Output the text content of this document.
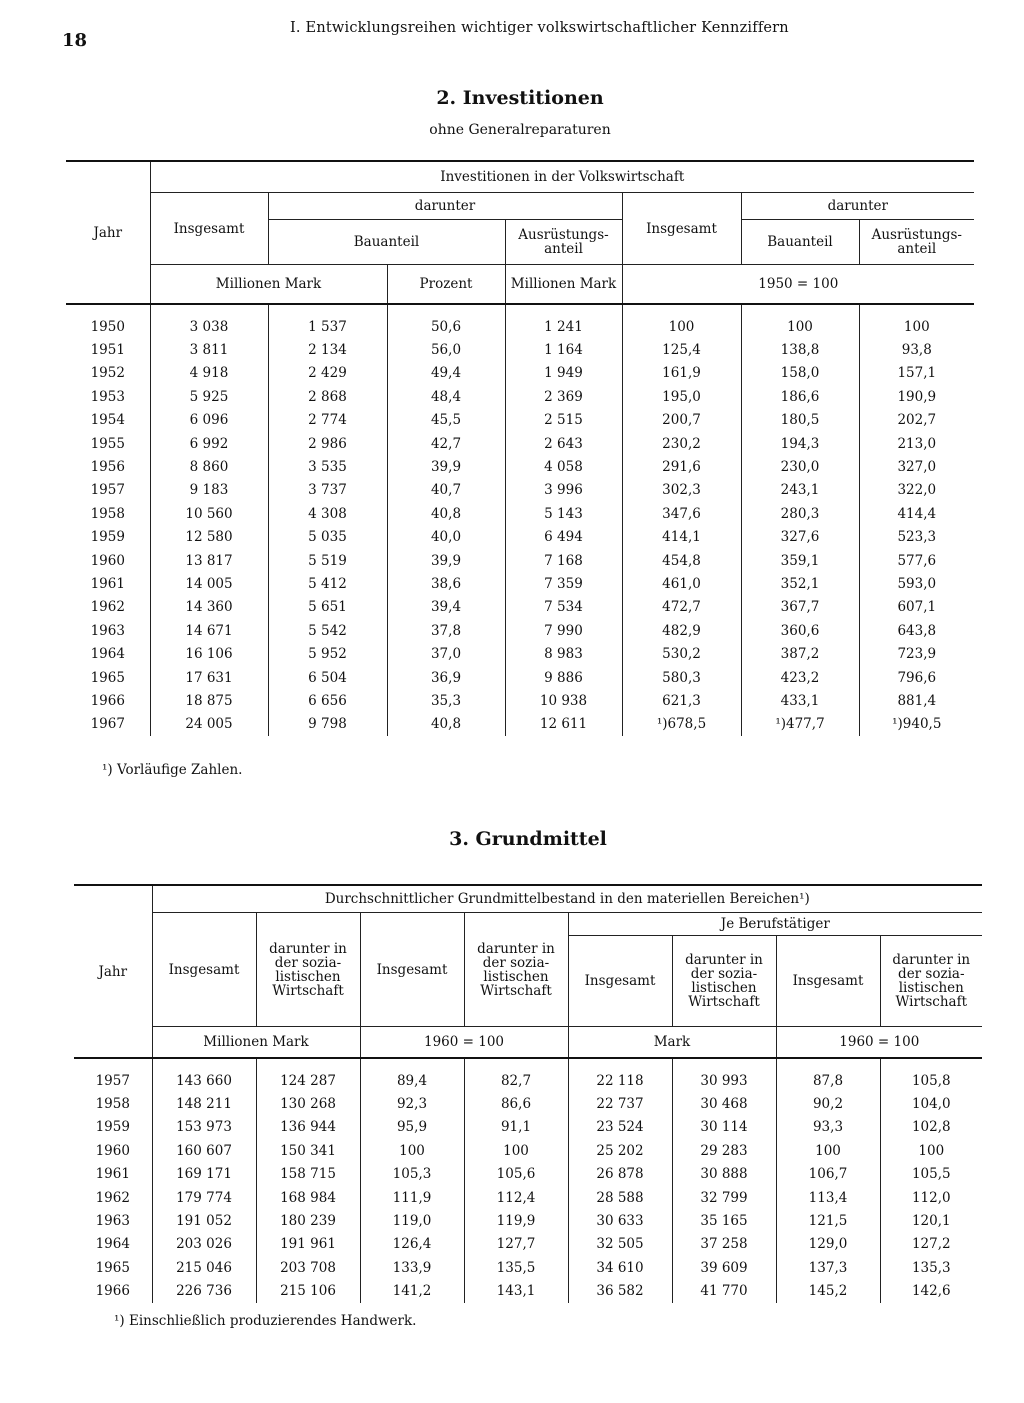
18
I. Entwicklungsreihen wichtiger volkswirtschaftlicher Kennziffern
2. Investitionen
ohne Generalreparaturen
Jahr	Investitionen in der Volkswirtschaft						
	Insgesamt	darunter			Insgesamt	darunter	
		Bauanteil		Ausrüstungs-anteil		Bauanteil	Ausrüstungs-anteil
	Millionen Mark		Prozent	Millionen Mark	1950 = 100		
1950	3 038	1 537	50,6	1 241	100	100	100
1951	3 811	2 134	56,0	1 164	125,4	138,8	93,8
1952	4 918	2 429	49,4	1 949	161,9	158,0	157,1
1953	5 925	2 868	48,4	2 369	195,0	186,6	190,9
1954	6 096	2 774	45,5	2 515	200,7	180,5	202,7
1955	6 992	2 986	42,7	2 643	230,2	194,3	213,0
1956	8 860	3 535	39,9	4 058	291,6	230,0	327,0
1957	9 183	3 737	40,7	3 996	302,3	243,1	322,0
1958	10 560	4 308	40,8	5 143	347,6	280,3	414,4
1959	12 580	5 035	40,0	6 494	414,1	327,6	523,3
1960	13 817	5 519	39,9	7 168	454,8	359,1	577,6
1961	14 005	5 412	38,6	7 359	461,0	352,1	593,0
1962	14 360	5 651	39,4	7 534	472,7	367,7	607,1
1963	14 671	5 542	37,8	7 990	482,9	360,6	643,8
1964	16 106	5 952	37,0	8 983	530,2	387,2	723,9
1965	17 631	6 504	36,9	9 886	580,3	423,2	796,6
1966	18 875	6 656	35,3	10 938	621,3	433,1	881,4
1967	24 005	9 798	40,8	12 611	¹)678,5	¹)477,7	¹)940,5
¹) Vorläufige Zahlen.
3. Grundmittel
Jahr	Durchschnittlicher Grundmittelbestand in den materiellen Bereichen¹)							
	Insgesamt	darunter in der sozia-listischen Wirtschaft	Insgesamt	darunter in der sozia-listischen Wirtschaft	Je Berufstätiger			
					Insgesamt	darunter in der sozia-listischen Wirtschaft	Insgesamt	darunter in der sozia-listischen Wirtschaft
	Millionen Mark		1960 = 100		Mark		1960 = 100	
1957	143 660	124 287	89,4	82,7	22 118	30 993	87,8	105,8
1958	148 211	130 268	92,3	86,6	22 737	30 468	90,2	104,0
1959	153 973	136 944	95,9	91,1	23 524	30 114	93,3	102,8
1960	160 607	150 341	100	100	25 202	29 283	100	100
1961	169 171	158 715	105,3	105,6	26 878	30 888	106,7	105,5
1962	179 774	168 984	111,9	112,4	28 588	32 799	113,4	112,0
1963	191 052	180 239	119,0	119,9	30 633	35 165	121,5	120,1
1964	203 026	191 961	126,4	127,7	32 505	37 258	129,0	127,2
1965	215 046	203 708	133,9	135,5	34 610	39 609	137,3	135,3
1966	226 736	215 106	141,2	143,1	36 582	41 770	145,2	142,6
¹) Einschließlich produzierendes Handwerk.
